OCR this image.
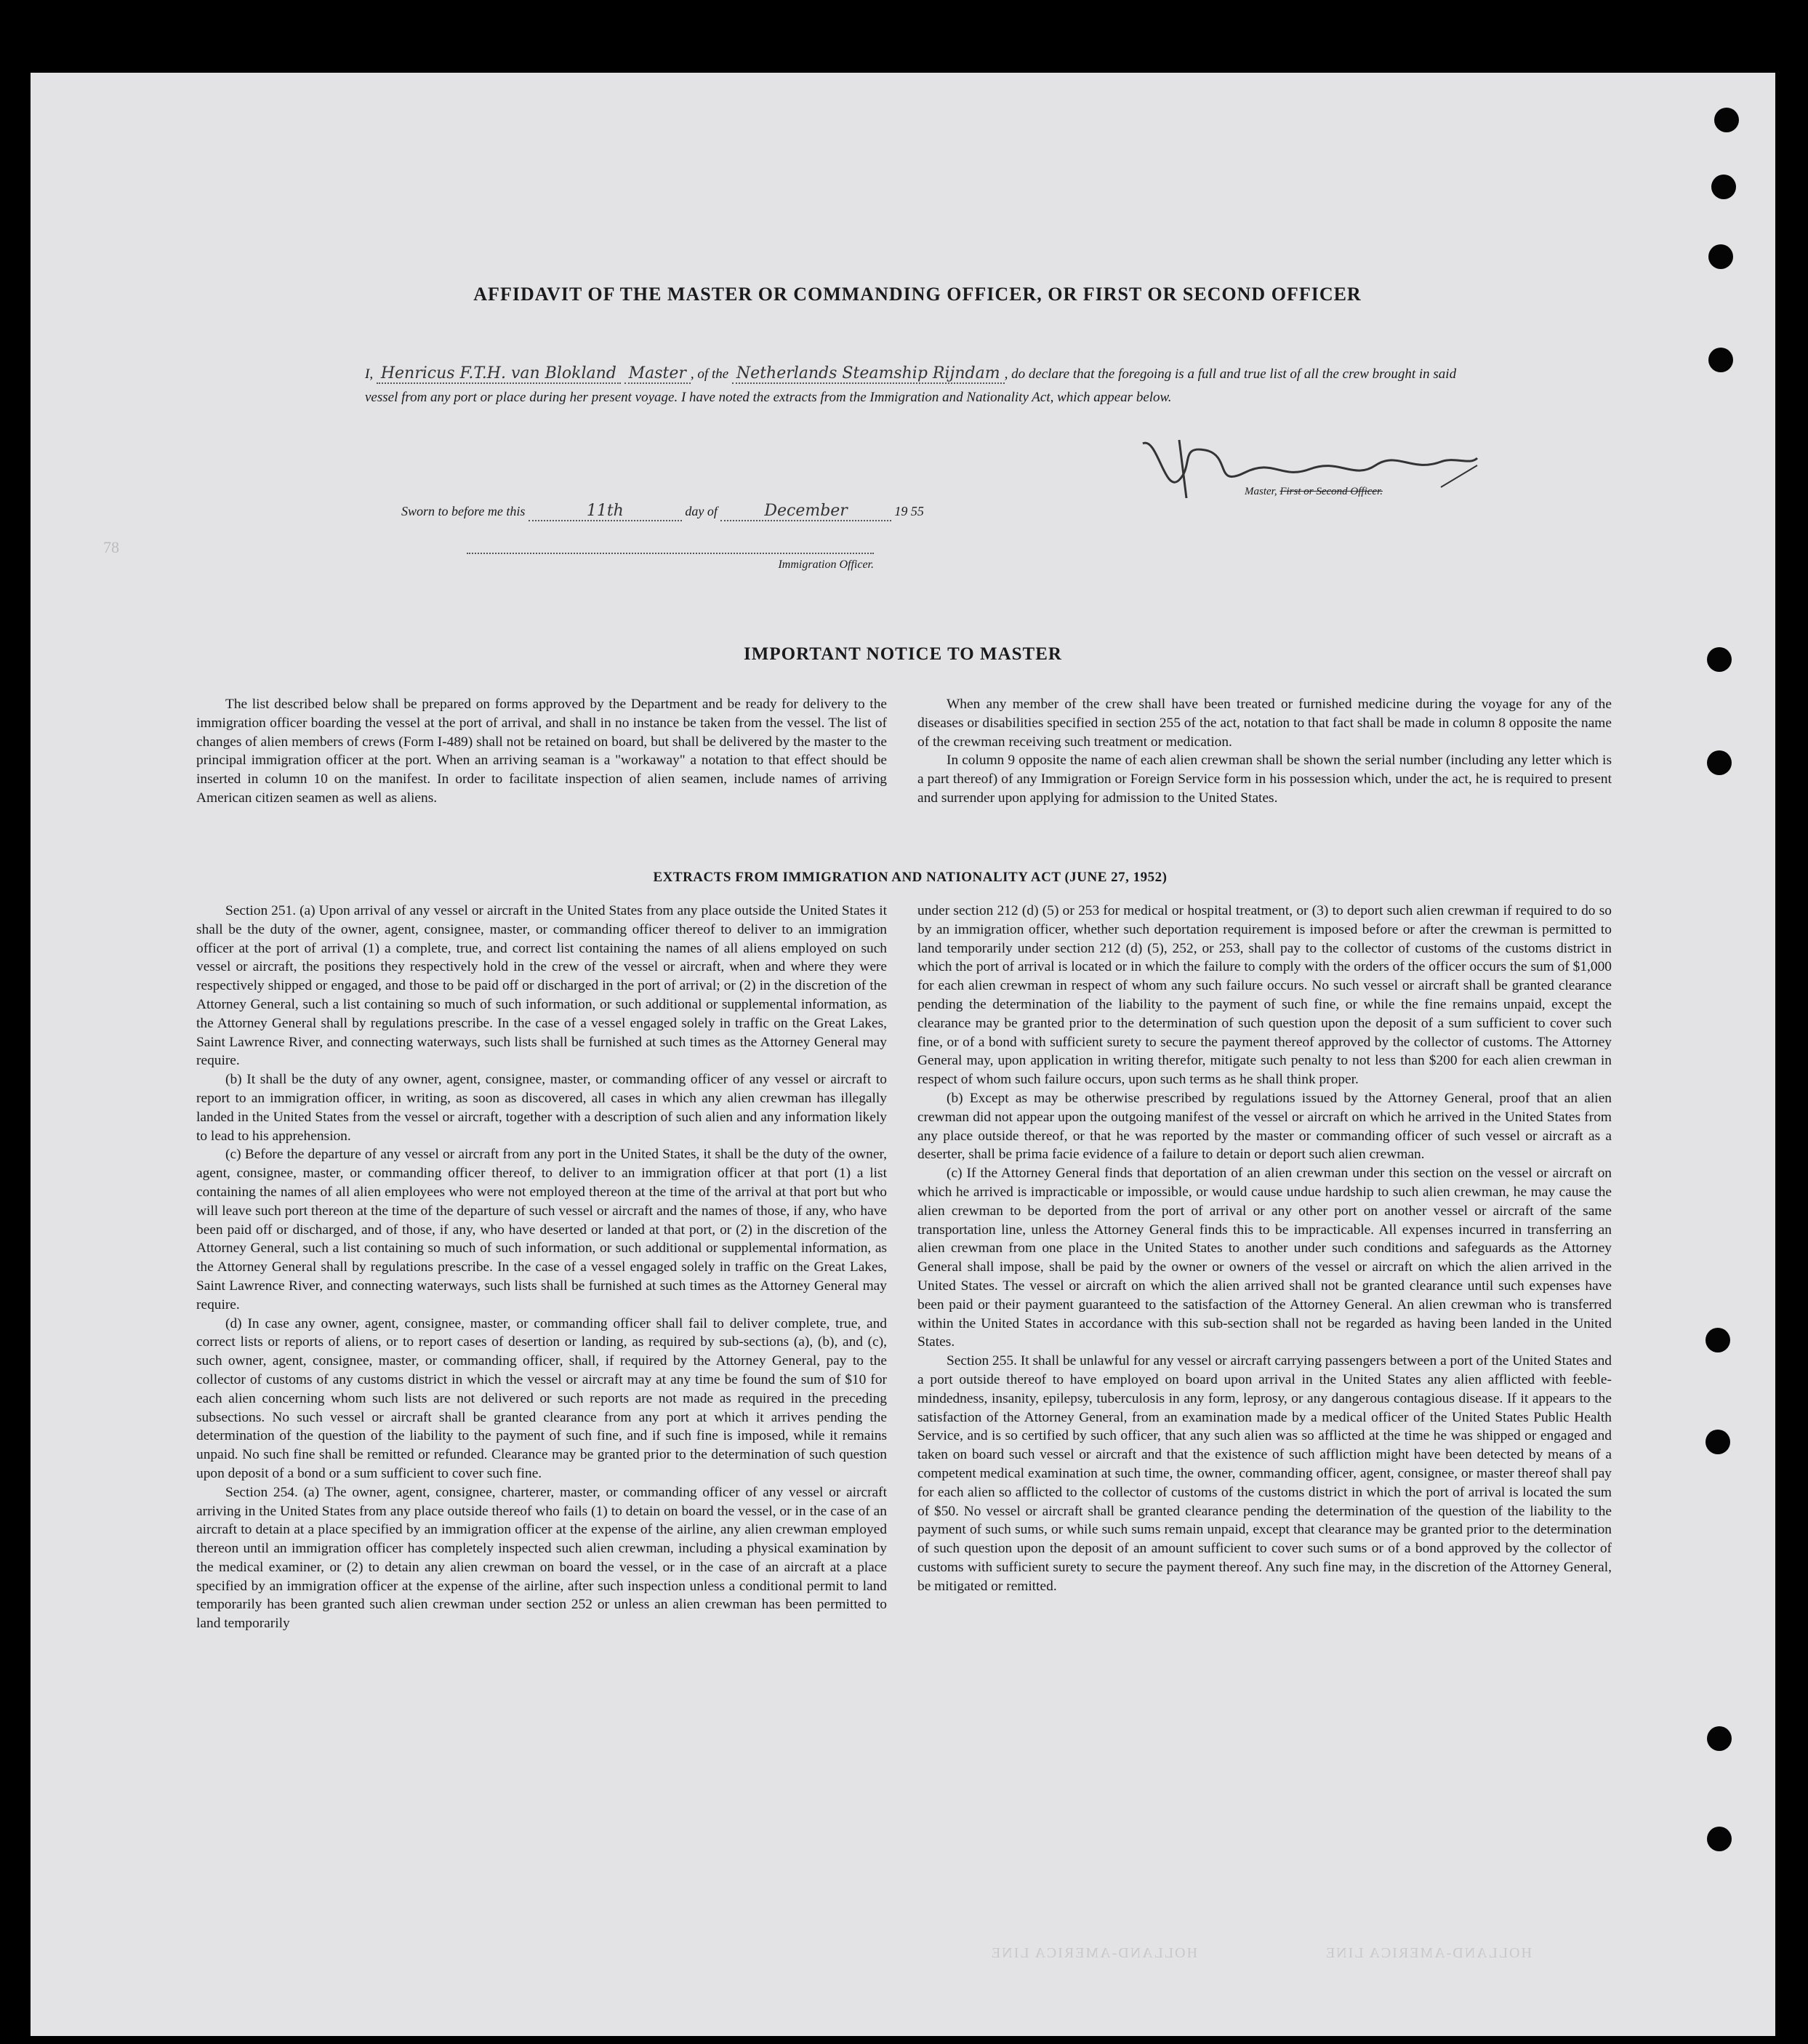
78
AFFIDAVIT OF THE MASTER OR COMMANDING OFFICER, OR FIRST OR SECOND OFFICER
I, Henricus F.T.H. van Blokland Master , of the Netherlands Steamship Rijndam , do declare that the foregoing is a full and true list of all the crew brought in said vessel from any port or place during her present voyage. I have noted the extracts from the Immigration and Nationality Act, which appear below.
Master, First or Second Officer.
Sworn to before me this	11th	day of	December	19 55
Immigration Officer.
IMPORTANT NOTICE TO MASTER

The list described below shall be prepared on forms approved by the Department and be ready for delivery to the immigration officer boarding the vessel at the port of arrival, and shall in no instance be taken from the vessel. The list of changes of alien members of crews (Form I-489) shall not be retained on board, but shall be delivered by the master to the principal immigration officer at the port. When an arriving seaman is a "workaway" a notation to that effect should be inserted in column 10 on the manifest. In order to facilitate inspection of alien seamen, include names of arriving American citizen seamen as well as aliens.

When any member of the crew shall have been treated or furnished medicine during the voyage for any of the diseases or disabilities specified in section 255 of the act, notation to that fact shall be made in column 8 opposite the name of the crewman receiving such treatment or medication.

In column 9 opposite the name of each alien crewman shall be shown the serial number (including any letter which is a part thereof) of any Immigration or Foreign Service form in his possession which, under the act, he is required to present and surrender upon applying for admission to the United States.

EXTRACTS FROM IMMIGRATION AND NATIONALITY ACT (JUNE 27, 1952)

Section 251. (a) Upon arrival of any vessel or aircraft in the United States from any place outside the United States it shall be the duty of the owner, agent, consignee, master, or commanding officer thereof to deliver to an immigration officer at the port of arrival (1) a complete, true, and correct list containing the names of all aliens employed on such vessel or aircraft, the positions they respectively hold in the crew of the vessel or aircraft, when and where they were respectively shipped or engaged, and those to be paid off or discharged in the port of arrival; or (2) in the discretion of the Attorney General, such a list containing so much of such information, or such additional or supplemental information, as the Attorney General shall by regulations prescribe. In the case of a vessel engaged solely in traffic on the Great Lakes, Saint Lawrence River, and connecting waterways, such lists shall be furnished at such times as the Attorney General may require.

(b) It shall be the duty of any owner, agent, consignee, master, or commanding officer of any vessel or aircraft to report to an immigration officer, in writing, as soon as discovered, all cases in which any alien crewman has illegally landed in the United States from the vessel or aircraft, together with a description of such alien and any information likely to lead to his apprehension.

(c) Before the departure of any vessel or aircraft from any port in the United States, it shall be the duty of the owner, agent, consignee, master, or commanding officer thereof, to deliver to an immigration officer at that port (1) a list containing the names of all alien employees who were not employed thereon at the time of the arrival at that port but who will leave such port thereon at the time of the departure of such vessel or aircraft and the names of those, if any, who have been paid off or discharged, and of those, if any, who have deserted or landed at that port, or (2) in the discretion of the Attorney General, such a list containing so much of such information, or such additional or supplemental information, as the Attorney General shall by regulations prescribe. In the case of a vessel engaged solely in traffic on the Great Lakes, Saint Lawrence River, and connecting waterways, such lists shall be furnished at such times as the Attorney General may require.

(d) In case any owner, agent, consignee, master, or commanding officer shall fail to deliver complete, true, and correct lists or reports of aliens, or to report cases of desertion or landing, as required by sub-sections (a), (b), and (c), such owner, agent, consignee, master, or commanding officer, shall, if required by the Attorney General, pay to the collector of customs of any customs district in which the vessel or aircraft may at any time be found the sum of $10 for each alien concerning whom such lists are not delivered or such reports are not made as required in the preceding subsections. No such vessel or aircraft shall be granted clearance from any port at which it arrives pending the determination of the question of the liability to the payment of such fine, and if such fine is imposed, while it remains unpaid. No such fine shall be remitted or refunded. Clearance may be granted prior to the determination of such question upon deposit of a bond or a sum sufficient to cover such fine.

Section 254. (a) The owner, agent, consignee, charterer, master, or commanding officer of any vessel or aircraft arriving in the United States from any place outside thereof who fails (1) to detain on board the vessel, or in the case of an aircraft to detain at a place specified by an immigration officer at the expense of the airline, any alien crewman employed thereon until an immigration officer has completely inspected such alien crewman, including a physical examination by the medical examiner, or (2) to detain any alien crewman on board the vessel, or in the case of an aircraft at a place specified by an immigration officer at the expense of the airline, after such inspection unless a conditional permit to land temporarily has been granted such alien crewman under section 252 or unless an alien crewman has been permitted to land temporarily

under section 212 (d) (5) or 253 for medical or hospital treatment, or (3) to deport such alien crewman if required to do so by an immigration officer, whether such deportation requirement is imposed before or after the crewman is permitted to land temporarily under section 212 (d) (5), 252, or 253, shall pay to the collector of customs of the customs district in which the port of arrival is located or in which the failure to comply with the orders of the officer occurs the sum of $1,000 for each alien crewman in respect of whom any such failure occurs. No such vessel or aircraft shall be granted clearance pending the determination of the liability to the payment of such fine, or while the fine remains unpaid, except the clearance may be granted prior to the determination of such question upon the deposit of a sum sufficient to cover such fine, or of a bond with sufficient surety to secure the payment thereof approved by the collector of customs. The Attorney General may, upon application in writing therefor, mitigate such penalty to not less than $200 for each alien crewman in respect of whom such failure occurs, upon such terms as he shall think proper.

(b) Except as may be otherwise prescribed by regulations issued by the Attorney General, proof that an alien crewman did not appear upon the outgoing manifest of the vessel or aircraft on which he arrived in the United States from any place outside thereof, or that he was reported by the master or commanding officer of such vessel or aircraft as a deserter, shall be prima facie evidence of a failure to detain or deport such alien crewman.

(c) If the Attorney General finds that deportation of an alien crewman under this section on the vessel or aircraft on which he arrived is impracticable or impossible, or would cause undue hardship to such alien crewman, he may cause the alien crewman to be deported from the port of arrival or any other port on another vessel or aircraft of the same transportation line, unless the Attorney General finds this to be impracticable. All expenses incurred in transferring an alien crewman from one place in the United States to another under such conditions and safeguards as the Attorney General shall impose, shall be paid by the owner or owners of the vessel or aircraft on which the alien arrived in the United States. The vessel or aircraft on which the alien arrived shall not be granted clearance until such expenses have been paid or their payment guaranteed to the satisfaction of the Attorney General. An alien crewman who is transferred within the United States in accordance with this sub-section shall not be regarded as having been landed in the United States.

Section 255. It shall be unlawful for any vessel or aircraft carrying passengers between a port of the United States and a port outside thereof to have employed on board upon arrival in the United States any alien afflicted with feeble-mindedness, insanity, epilepsy, tuberculosis in any form, leprosy, or any dangerous contagious disease. If it appears to the satisfaction of the Attorney General, from an examination made by a medical officer of the United States Public Health Service, and is so certified by such officer, that any such alien was so afflicted at the time he was shipped or engaged and taken on board such vessel or aircraft and that the existence of such affliction might have been detected by means of a competent medical examination at such time, the owner, commanding officer, agent, consignee, or master thereof shall pay for each alien so afflicted to the collector of customs of the customs district in which the port of arrival is located the sum of $50. No vessel or aircraft shall be granted clearance pending the determination of the question of the liability to the payment of such sums, or while such sums remain unpaid, except that clearance may be granted prior to the determination of such question upon the deposit of an amount sufficient to cover such sums or of a bond approved by the collector of customs with sufficient surety to secure the payment thereof. Any such fine may, in the discretion of the Attorney General, be mitigated or remitted.

HOLLAND-AMERICA LINE	HOLLAND-AMERICA LINE
